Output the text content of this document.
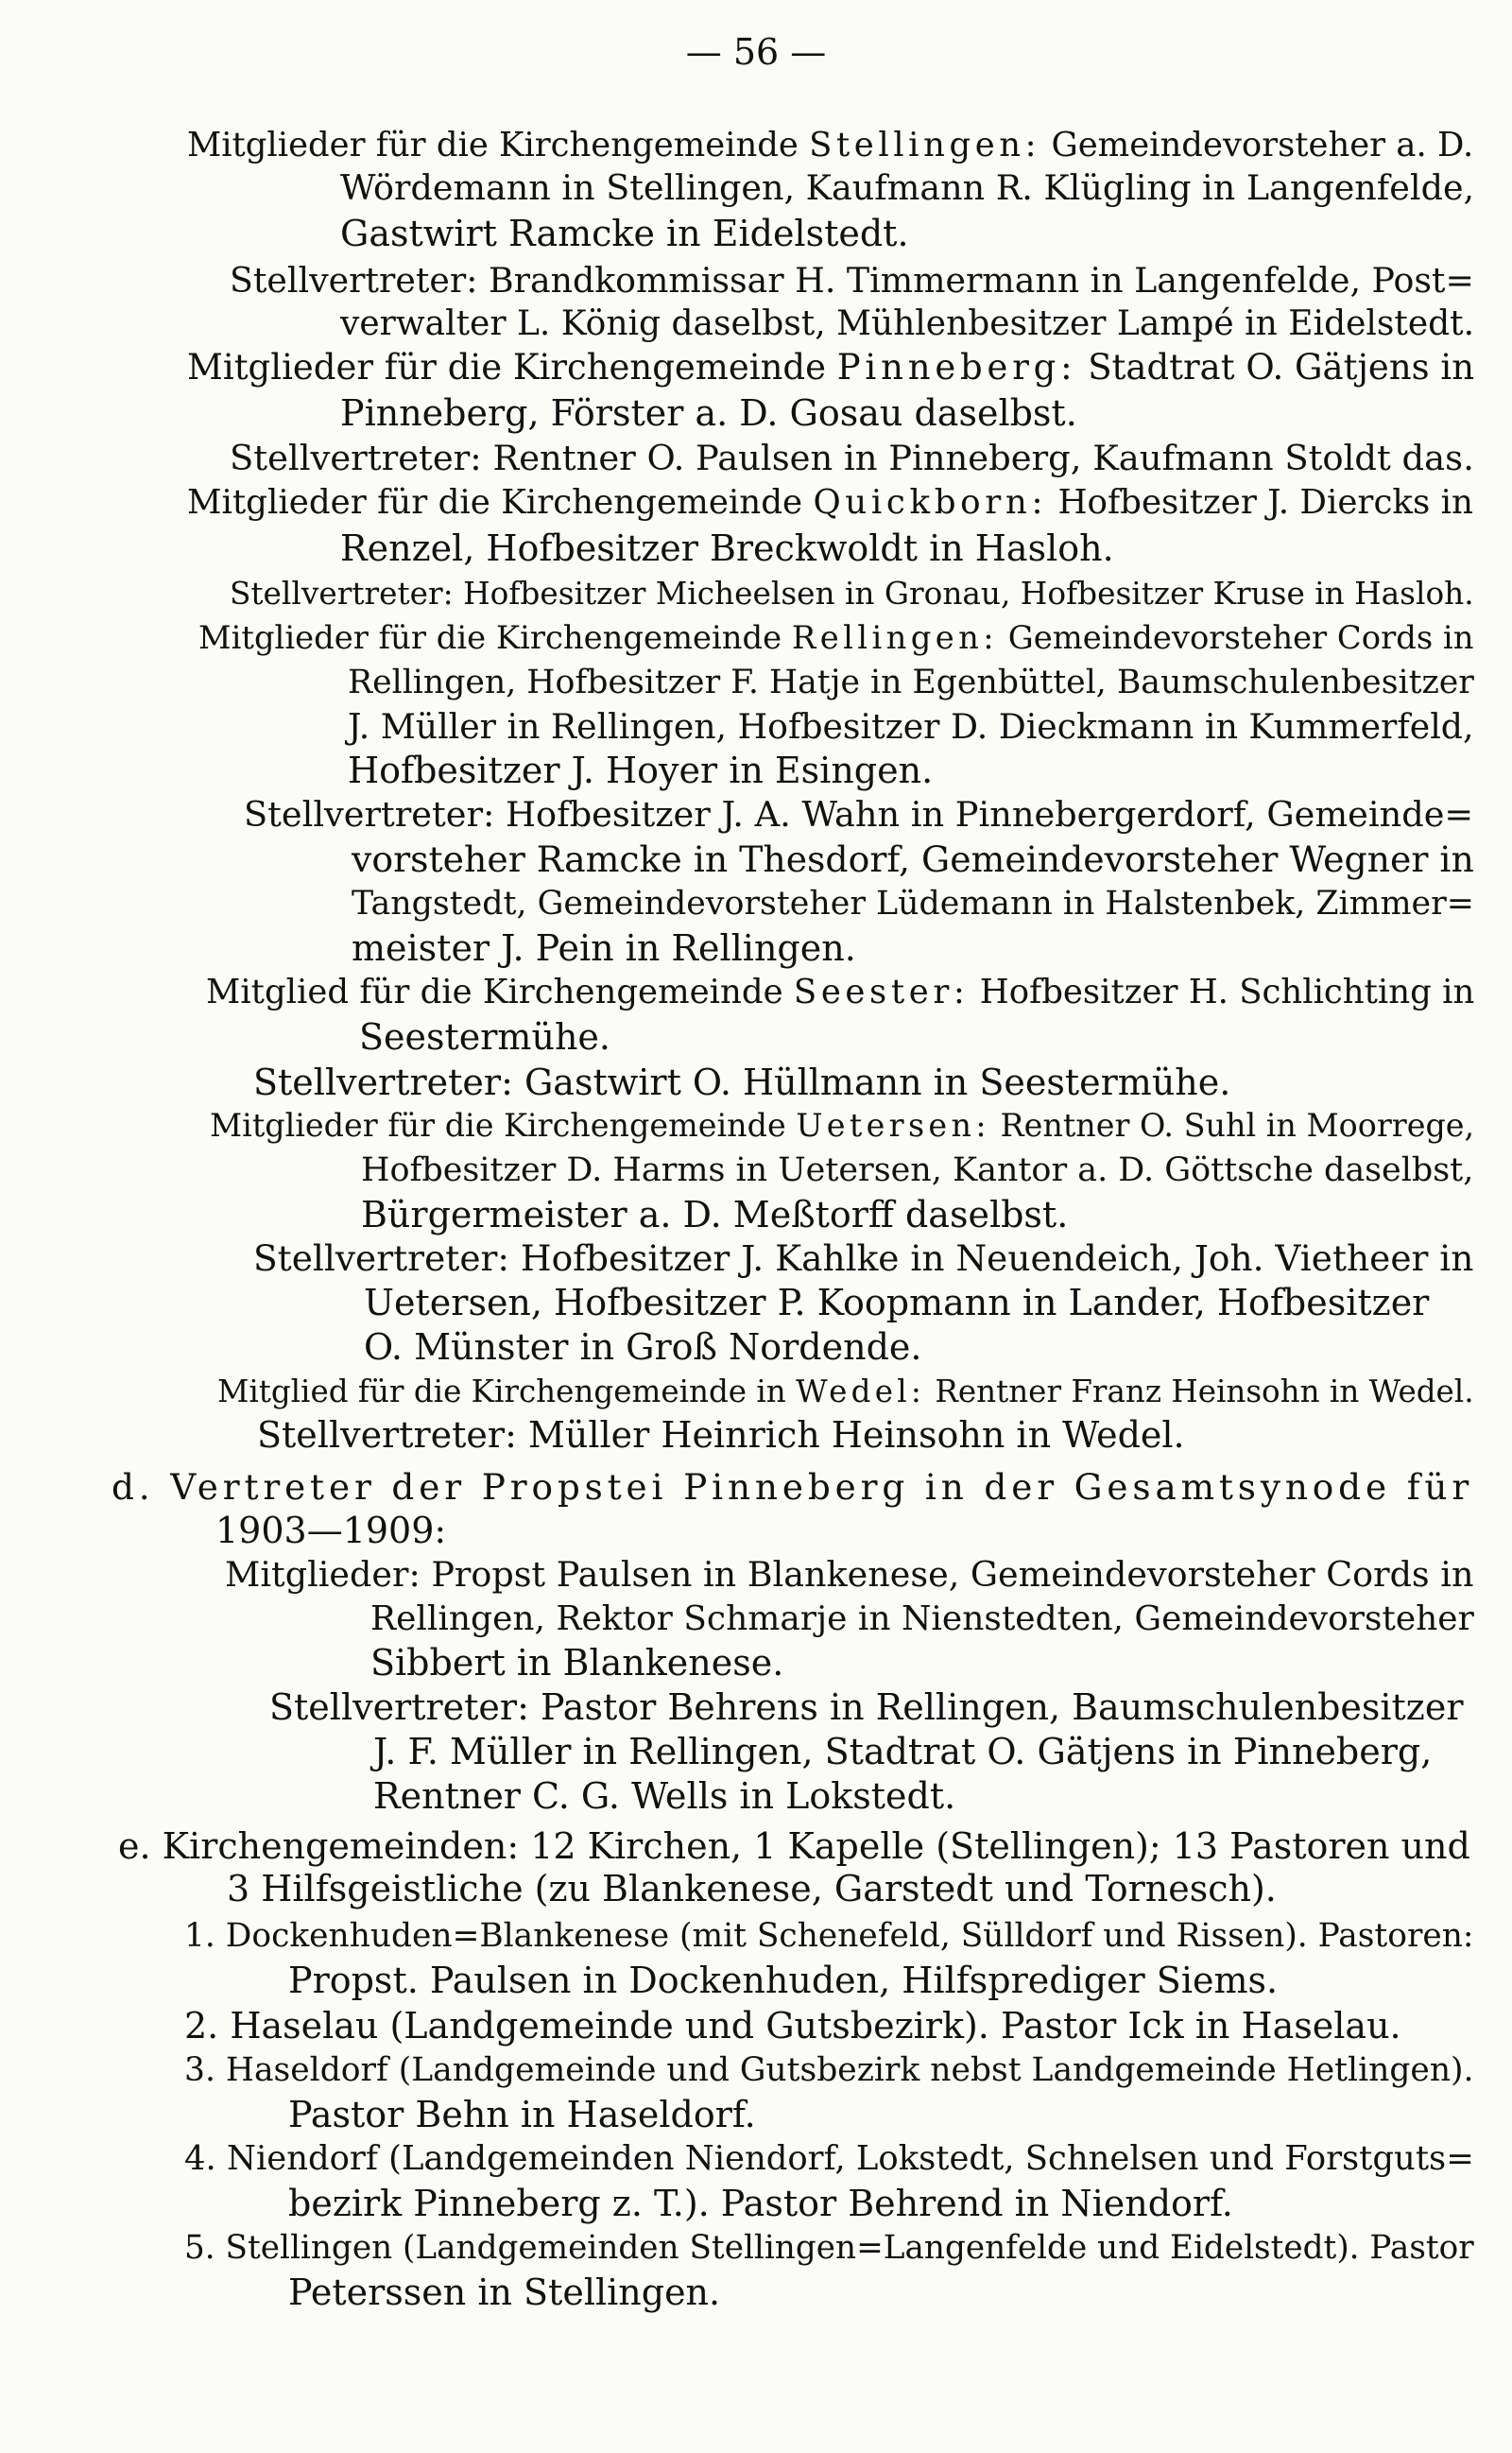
— 56 —
Mitglieder für die Kirchengemeinde Stellingen: Gemeindevorsteher a. D.
Wördemann in Stellingen, Kaufmann R. Klügling in Langenfelde,
Gastwirt Ramcke in Eidelstedt.
Stellvertreter: Brandkommissar H. Timmermann in Langenfelde, Post=
verwalter L. König daselbst, Mühlenbesitzer Lampé in Eidelstedt.
Mitglieder für die Kirchengemeinde Pinneberg: Stadtrat O. Gätjens in
Pinneberg, Förster a. D. Gosau daselbst.
Stellvertreter: Rentner O. Paulsen in Pinneberg, Kaufmann Stoldt das.
Mitglieder für die Kirchengemeinde Quickborn: Hofbesitzer J. Diercks in
Renzel, Hofbesitzer Breckwoldt in Hasloh.
Stellvertreter: Hofbesitzer Micheelsen in Gronau, Hofbesitzer Kruse in Hasloh.
Mitglieder für die Kirchengemeinde Rellingen: Gemeindevorsteher Cords in
Rellingen, Hofbesitzer F. Hatje in Egenbüttel, Baumschulenbesitzer
J. Müller in Rellingen, Hofbesitzer D. Dieckmann in Kummerfeld,
Hofbesitzer J. Hoyer in Esingen.
Stellvertreter: Hofbesitzer J. A. Wahn in Pinnebergerdorf, Gemeinde=
vorsteher Ramcke in Thesdorf, Gemeindevorsteher Wegner in
Tangstedt, Gemeindevorsteher Lüdemann in Halstenbek, Zimmer=
meister J. Pein in Rellingen.
Mitglied für die Kirchengemeinde Seester: Hofbesitzer H. Schlichting in
Seestermühe.
Stellvertreter: Gastwirt O. Hüllmann in Seestermühe.
Mitglieder für die Kirchengemeinde Uetersen: Rentner O. Suhl in Moorrege,
Hofbesitzer D. Harms in Uetersen, Kantor a. D. Göttsche daselbst,
Bürgermeister a. D. Meßtorff daselbst.
Stellvertreter: Hofbesitzer J. Kahlke in Neuendeich, Joh. Vietheer in
Uetersen, Hofbesitzer P. Koopmann in Lander, Hofbesitzer
O. Münster in Groß Nordende.
Mitglied für die Kirchengemeinde in Wedel: Rentner Franz Heinsohn in Wedel.
Stellvertreter: Müller Heinrich Heinsohn in Wedel.
d. Vertreter der Propstei Pinneberg in der Gesamtsynode für
1903—1909:
Mitglieder: Propst Paulsen in Blankenese, Gemeindevorsteher Cords in
Rellingen, Rektor Schmarje in Nienstedten, Gemeindevorsteher
Sibbert in Blankenese.
Stellvertreter: Pastor Behrens in Rellingen, Baumschulenbesitzer
J. F. Müller in Rellingen, Stadtrat O. Gätjens in Pinneberg,
Rentner C. G. Wells in Lokstedt.
e. Kirchengemeinden: 12 Kirchen, 1 Kapelle (Stellingen); 13 Pastoren und
3 Hilfsgeistliche (zu Blankenese, Garstedt und Tornesch).
1. Dockenhuden=Blankenese (mit Schenefeld, Sülldorf und Rissen). Pastoren:
Propst. Paulsen in Dockenhuden, Hilfsprediger Siems.
2. Haselau (Landgemeinde und Gutsbezirk). Pastor Ick in Haselau.
3. Haseldorf (Landgemeinde und Gutsbezirk nebst Landgemeinde Hetlingen).
Pastor Behn in Haseldorf.
4. Niendorf (Landgemeinden Niendorf, Lokstedt, Schnelsen und Forstguts=
bezirk Pinneberg z. T.). Pastor Behrend in Niendorf.
5. Stellingen (Landgemeinden Stellingen=Langenfelde und Eidelstedt). Pastor
Peterssen in Stellingen.
